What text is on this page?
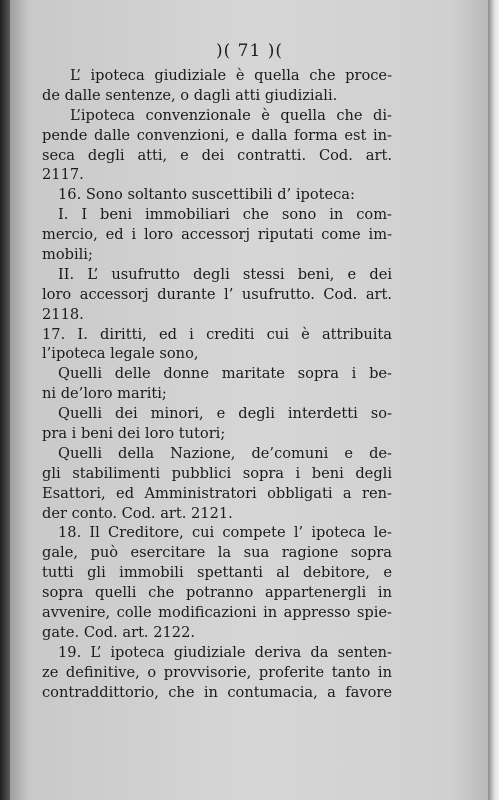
)( 71 )(
L’ ipoteca giudiziale è quella che proce-
de dalle sentenze, o dagli atti giudiziali.
L’ipoteca convenzionale è quella che di-
pende dalle convenzioni, e dalla forma est in-
seca degli atti, e dei contratti. Cod. art.
2117.
16. Sono soltanto suscettibili d’ ipoteca:
I. I beni immobiliari che sono in com-
mercio, ed i loro accessorj riputati come im-
mobili;
II. L’ usufrutto degli stessi beni, e dei
loro accessorj durante l’ usufrutto. Cod. art.
2118.
17. I. diritti, ed i crediti cui è attribuita
l’ipoteca legale sono,
Quelli delle donne maritate sopra i be-
ni de’loro mariti;
Quelli dei minori, e degli interdetti so-
pra i beni dei loro tutori;
Quelli della Nazione, de’comuni e de-
gli stabilimenti pubblici sopra i beni degli
Esattori, ed Amministratori obbligati a ren-
der conto. Cod. art. 2121.
18. Il Creditore, cui compete l’ ipoteca le-
gale, può esercitare la sua ragione sopra
tutti gli immobili spettanti al debitore, e
sopra quelli che potranno appartenergli in
avvenire, colle modificazioni in appresso spie-
gate. Cod. art. 2122.
19. L’ ipoteca giudiziale deriva da senten-
ze definitive, o provvisorie, proferite tanto in
contraddittorio, che in contumacia, a favore
